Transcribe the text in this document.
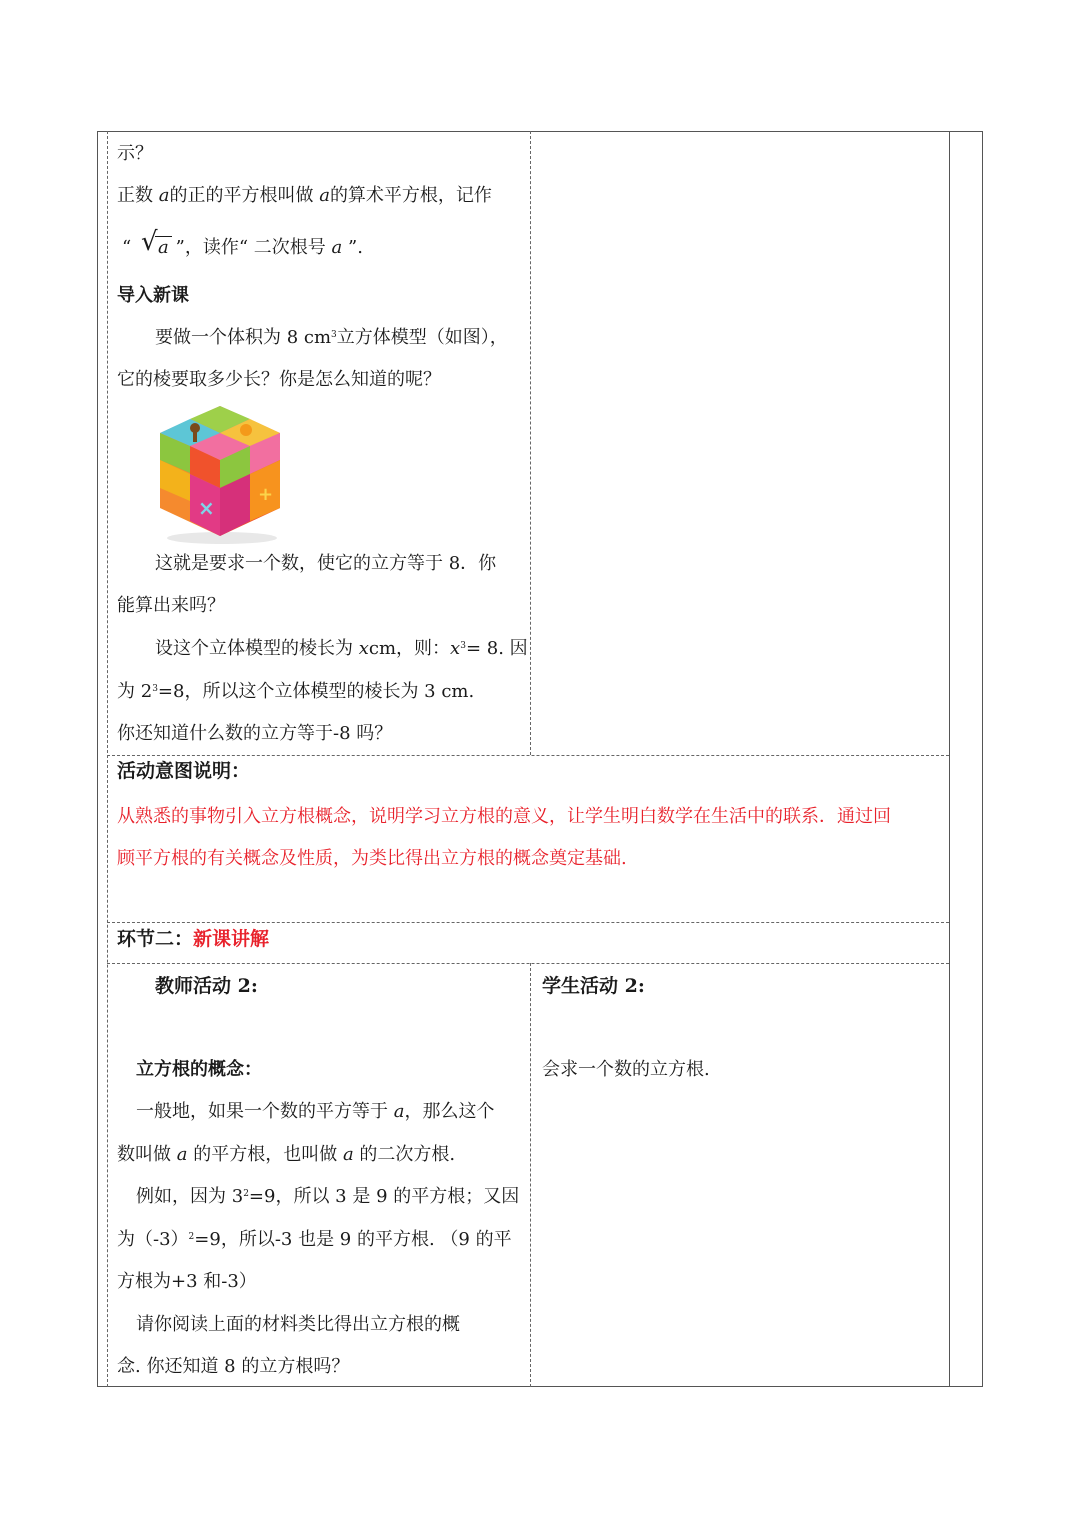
示？
正数 a的正的平方根叫做 a的算术平方根，记作
“ √ a ”，读作“ 二次根号 a ”.
导入新课
要做一个体积为 8 $cm^3$立方体模型（如图），
它的棱要取多少长？你是怎么知道的呢？
×
+
这就是要求一个数，使它的立方等于 8．你
能算出来吗？
设这个立体模型的棱长为 xcm，则：$x^3= 8$. 因
为 $2^3=8$，所以这个立体模型的棱长为 3 cm.
你还知道什么数的立方等于-8 吗？
活动意图说明：
从熟悉的事物引入立方根概念，说明学习立方根的意义，让学生明白数学在生活中的联系．通过回
顾平方根的有关概念及性质，为类比得出立方根的概念奠定基础.
环节二：新课讲解
教师活动 2:
立方根的概念：
一般地，如果一个数的平方等于 a，那么这个
数叫做 a 的平方根，也叫做 a 的二次方根.
例如，因为 $3^2=9$，所以 3 是 9 的平方根；又因
为$(-3)^2=9$，所以-3 也是 9 的平方根. （9 的平
方根为+3 和-3）
请你阅读上面的材料类比得出立方根的概
念. 你还知道 8 的立方根吗？
学生活动 2:
会求一个数的立方根.
